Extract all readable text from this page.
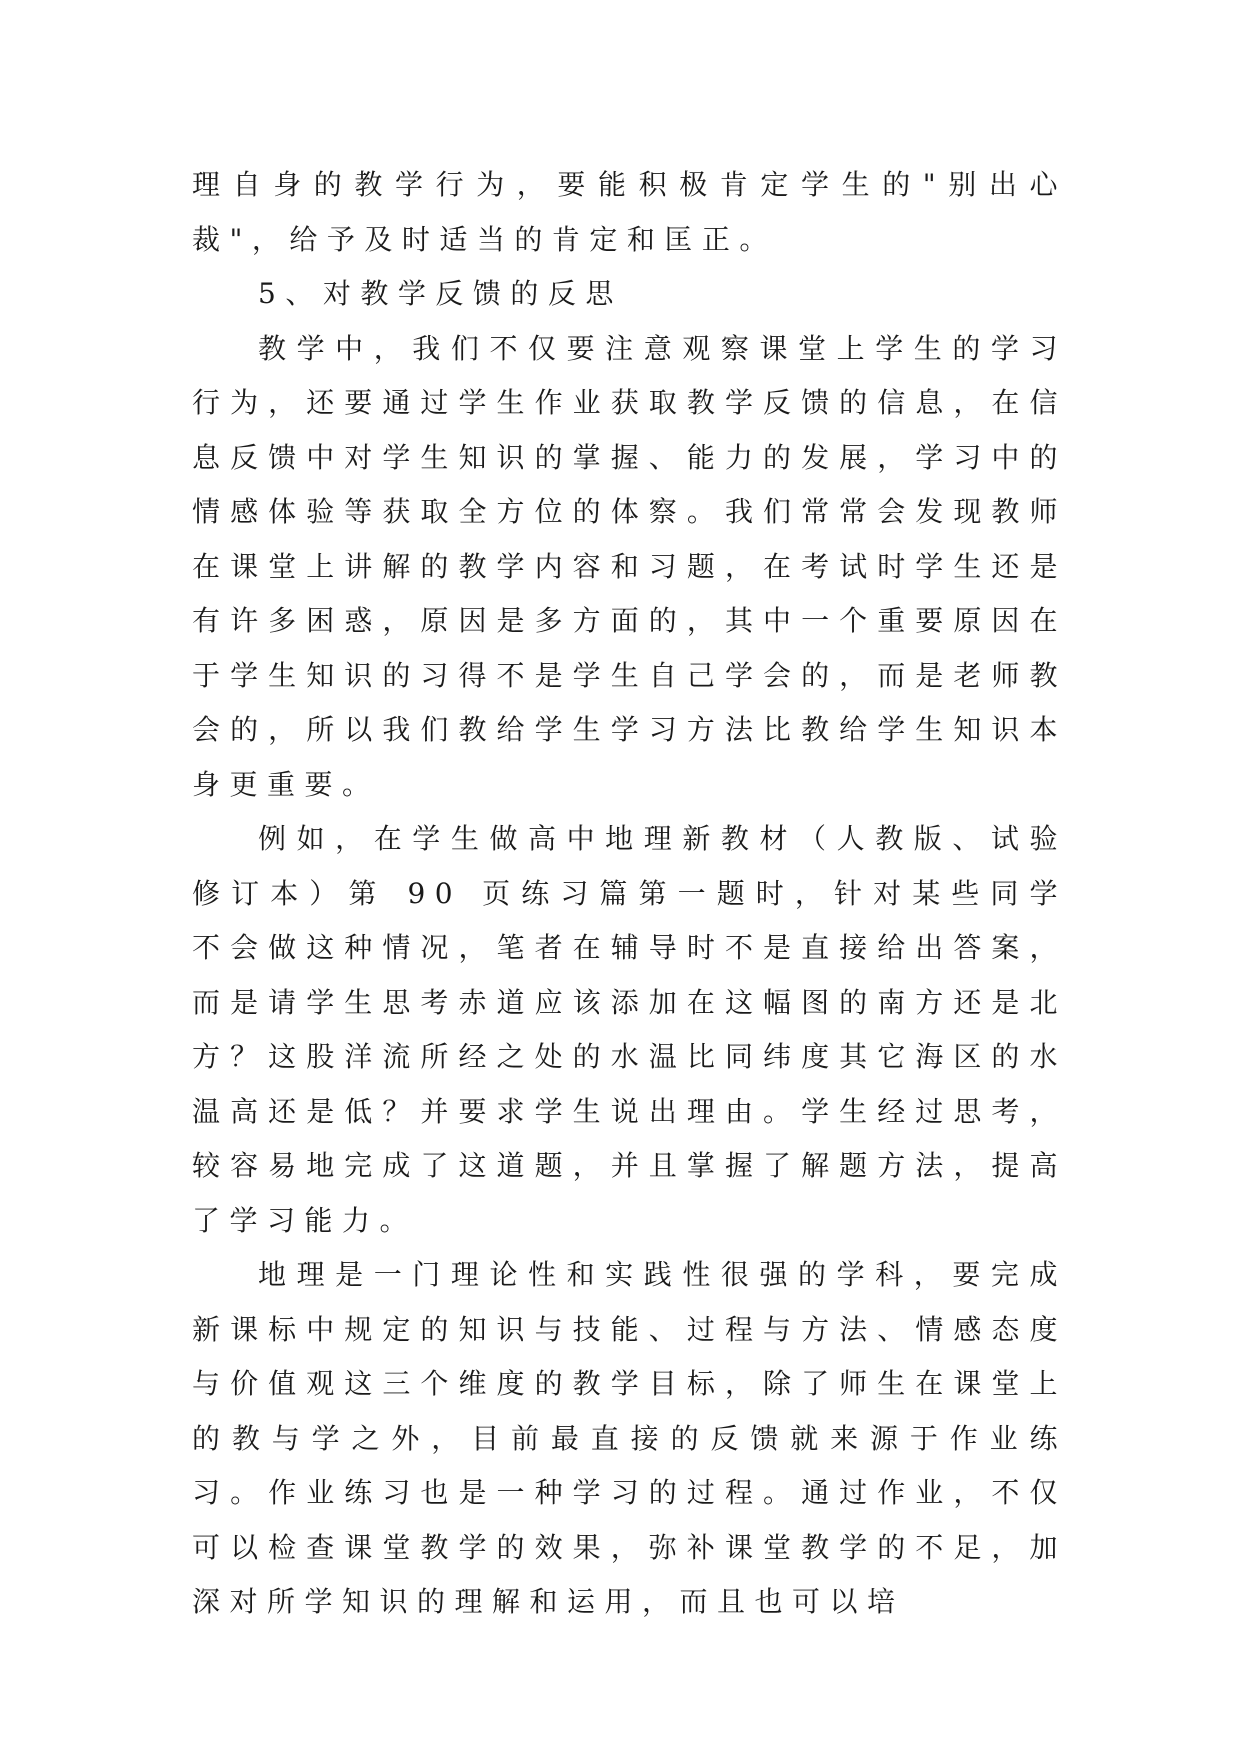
理自身的教学行为，要能积极肯定学生的"别出心裁"，给予及时适当的肯定和匡正。

5、对教学反馈的反思

教学中，我们不仅要注意观察课堂上学生的学习行为，还要通过学生作业获取教学反馈的信息，在信息反馈中对学生知识的掌握、能力的发展，学习中的情感体验等获取全方位的体察。我们常常会发现教师在课堂上讲解的教学内容和习题，在考试时学生还是有许多困惑，原因是多方面的，其中一个重要原因在于学生知识的习得不是学生自己学会的，而是老师教会的，所以我们教给学生学习方法比教给学生知识本身更重要。

例如，在学生做高中地理新教材（人教版、试验修订本）第 90 页练习篇第一题时，针对某些同学不会做这种情况，笔者在辅导时不是直接给出答案，而是请学生思考赤道应该添加在这幅图的南方还是北方？这股洋流所经之处的水温比同纬度其它海区的水温高还是低？并要求学生说出理由。学生经过思考，较容易地完成了这道题，并且掌握了解题方法，提高了学习能力。

地理是一门理论性和实践性很强的学科，要完成新课标中规定的知识与技能、过程与方法、情感态度与价值观这三个维度的教学目标，除了师生在课堂上的教与学之外，目前最直接的反馈就来源于作业练习。作业练习也是一种学习的过程。通过作业，不仅可以检查课堂教学的效果，弥补课堂教学的不足，加深对所学知识的理解和运用，而且也可以培
